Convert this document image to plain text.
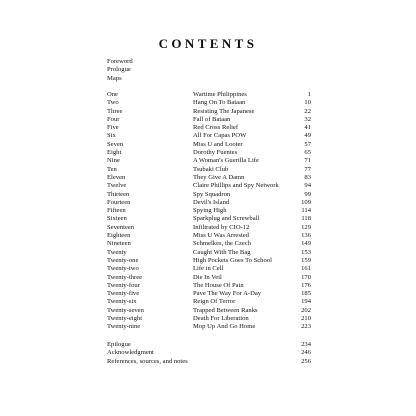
CONTENTS
Foreword
Prologue
Maps
One	Wartime Philippines	1
Two	Hang On To Bataan	10
Three	Resisting The Japanese	22
Four	Fall of Bataan	32
Five	Red Cross Relief	41
Six	All For Capas POW	49
Seven	Miss U and Looter	57
Eight	Dorothy Fuentes	65
Nine	A Woman's Guerilla Life	71
Ten	Tsubaki Club	77
Eleven	They Give A Damn	83
Twelve	Claire Phillips and Spy Network	94
Thirteen	Spy Squadron	99
Fourteen	Devil's Island	109
Fifteen	Spying High	114
Sixteen	Sparkplug and Screwball	118
Seventeen	Infiltrated by CIO-12	129
Eighteen	Miss U Was Arrested	136
Nineteen	Schmelkes, the Czech	149
Twenty	Caught With The Bag	153
Twenty-one	High Pockets Goes To School	159
Twenty-two	Life in Cell	161
Twenty-three	Die In Veil	170
Twenty-four	The House Of Pain	176
Twenty-five	Pave The Way For A-Day	185
Twenty-six	Reign Of Terror	194
Twenty-seven	Trapped Between Ranks	202
Twenty-eight	Death For Liberation	210
Twenty-nine	Mop Up And Go Home	223
Epilogue	234
Acknowledgment	246
References, sources, and notes	256
